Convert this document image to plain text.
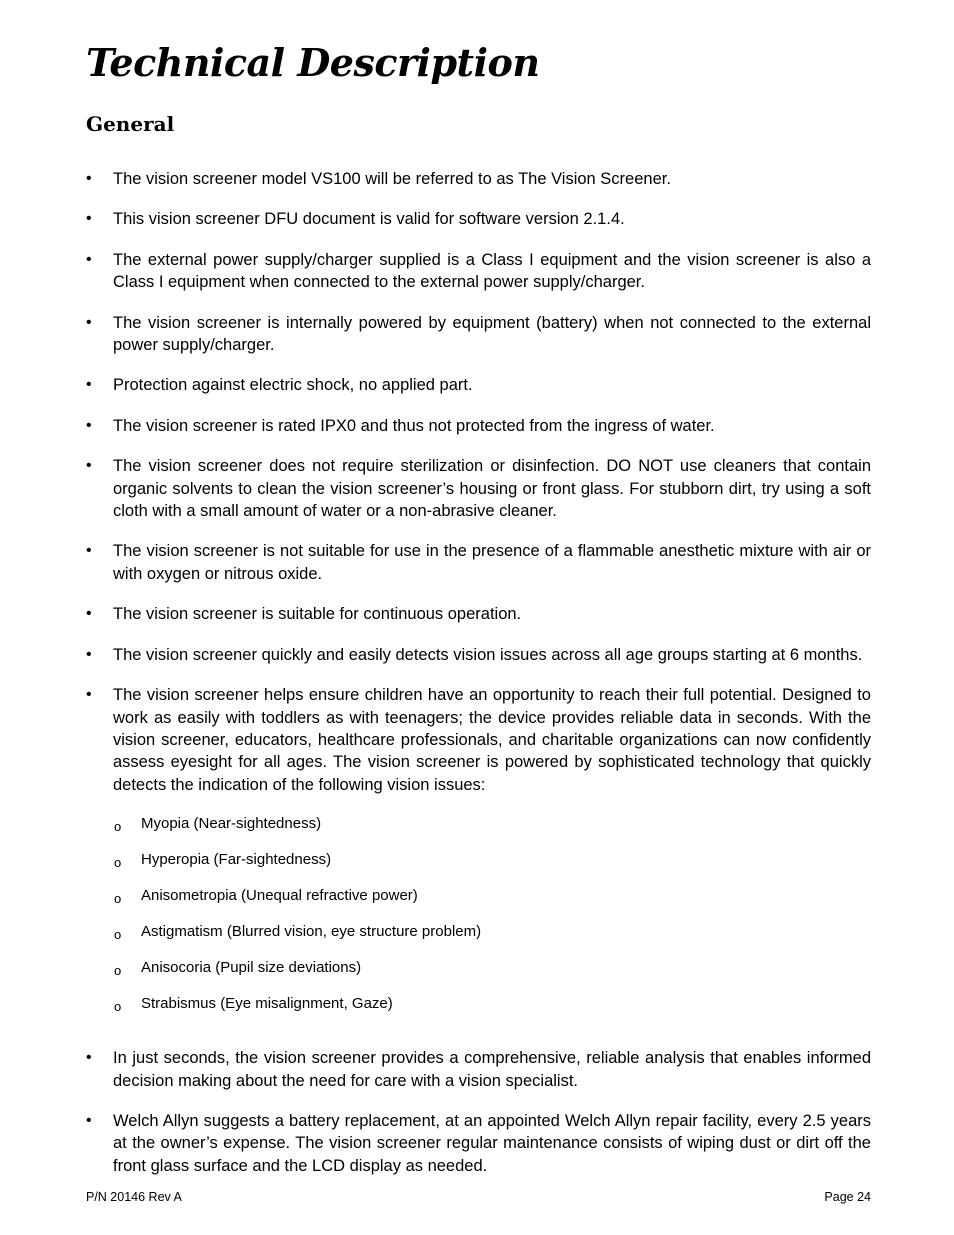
Technical Description
General
• The vision screener model VS100 will be referred to as The Vision Screener.
• This vision screener DFU document is valid for software version 2.1.4.
• The external power supply/charger supplied is a Class I equipment and the vision screener is also a Class I equipment when connected to the external power supply/charger.
• The vision screener is internally powered by equipment (battery) when not connected to the external power supply/charger.
• Protection against electric shock, no applied part.
• The vision screener is rated IPX0 and thus not protected from the ingress of water.
• The vision screener does not require sterilization or disinfection. DO NOT use cleaners that contain organic solvents to clean the vision screener’s housing or front glass. For stubborn dirt, try using a soft cloth with a small amount of water or a non-abrasive cleaner.
• The vision screener is not suitable for use in the presence of a flammable anesthetic mixture with air or with oxygen or nitrous oxide.
• The vision screener is suitable for continuous operation.
• The vision screener quickly and easily detects vision issues across all age groups starting at 6 months.
• The vision screener helps ensure children have an opportunity to reach their full potential. Designed to work as easily with toddlers as with teenagers; the device provides reliable data in seconds. With the vision screener, educators, healthcare professionals, and charitable organizations can now confidently assess eyesight for all ages. The vision screener is powered by sophisticated technology that quickly detects the indication of the following vision issues:
o Myopia (Near-sightedness)
o Hyperopia (Far-sightedness)
o Anisometropia (Unequal refractive power)
o Astigmatism (Blurred vision, eye structure problem)
o Anisocoria (Pupil size deviations)
o Strabismus (Eye misalignment, Gaze)
• In just seconds, the vision screener provides a comprehensive, reliable analysis that enables informed decision making about the need for care with a vision specialist.
• Welch Allyn suggests a battery replacement, at an appointed Welch Allyn repair facility, every 2.5 years at the owner’s expense. The vision screener regular maintenance consists of wiping dust or dirt off the front glass surface and the LCD display as needed.
P/N 20146 Rev A	Page 24
